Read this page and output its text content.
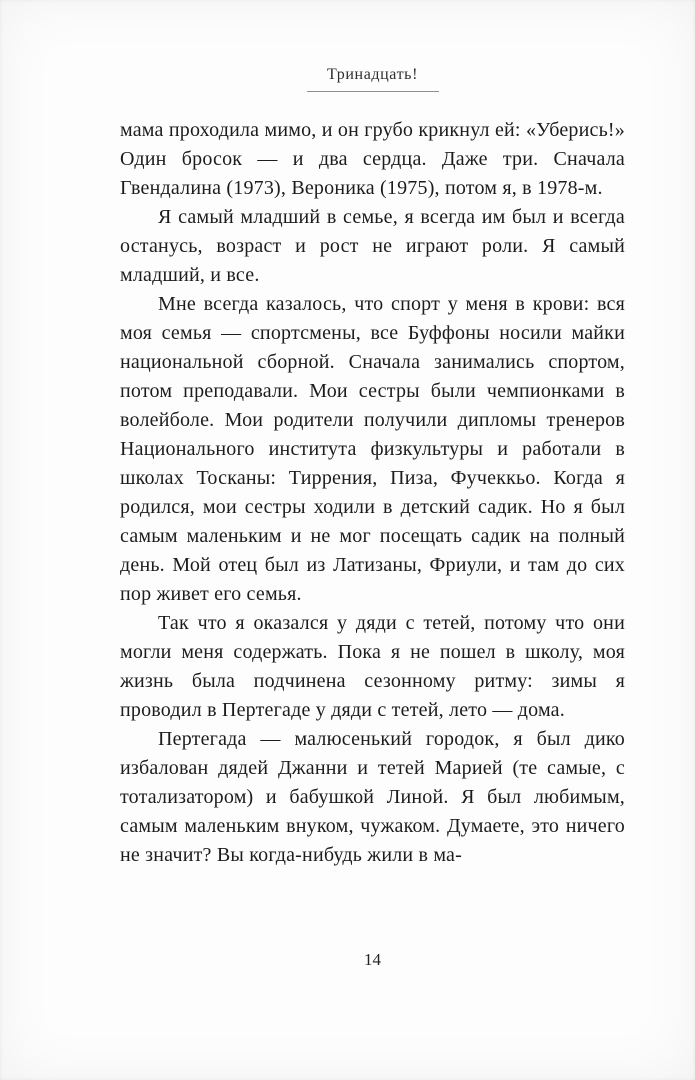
Тринадцать!

мама проходила мимо, и он грубо крикнул ей: «Уберись!» Один бросок — и два сердца. Даже три. Сначала Гвендалина (1973), Вероника (1975), потом я, в 1978-м.

Я самый младший в семье, я всегда им был и всегда останусь, возраст и рост не играют роли. Я самый младший, и все.

Мне всегда казалось, что спорт у меня в крови: вся моя семья — спортсмены, все Буффоны носили майки национальной сборной. Сначала занимались спортом, потом преподавали. Мои сестры были чемпионками в волейболе. Мои родители получили дипломы тренеров Национального института физкультуры и работали в школах Тосканы: Тиррения, Пиза, Фучеккьо. Когда я родился, мои сестры ходили в детский садик. Но я был самым маленьким и не мог посещать садик на полный день. Мой отец был из Латизаны, Фриули, и там до сих пор живет его семья.

Так что я оказался у дяди с тетей, потому что они могли меня содержать. Пока я не пошел в школу, моя жизнь была подчинена сезонному ритму: зимы я проводил в Пертегаде у дяди с тетей, лето — дома.

Пертегада — малюсенький городок, я был дико избалован дядей Джанни и тетей Марией (те самые, с тотализатором) и бабушкой Линой. Я был любимым, самым маленьким внуком, чужаком. Думаете, это ничего не значит? Вы когда-нибудь жили в ма-

14
